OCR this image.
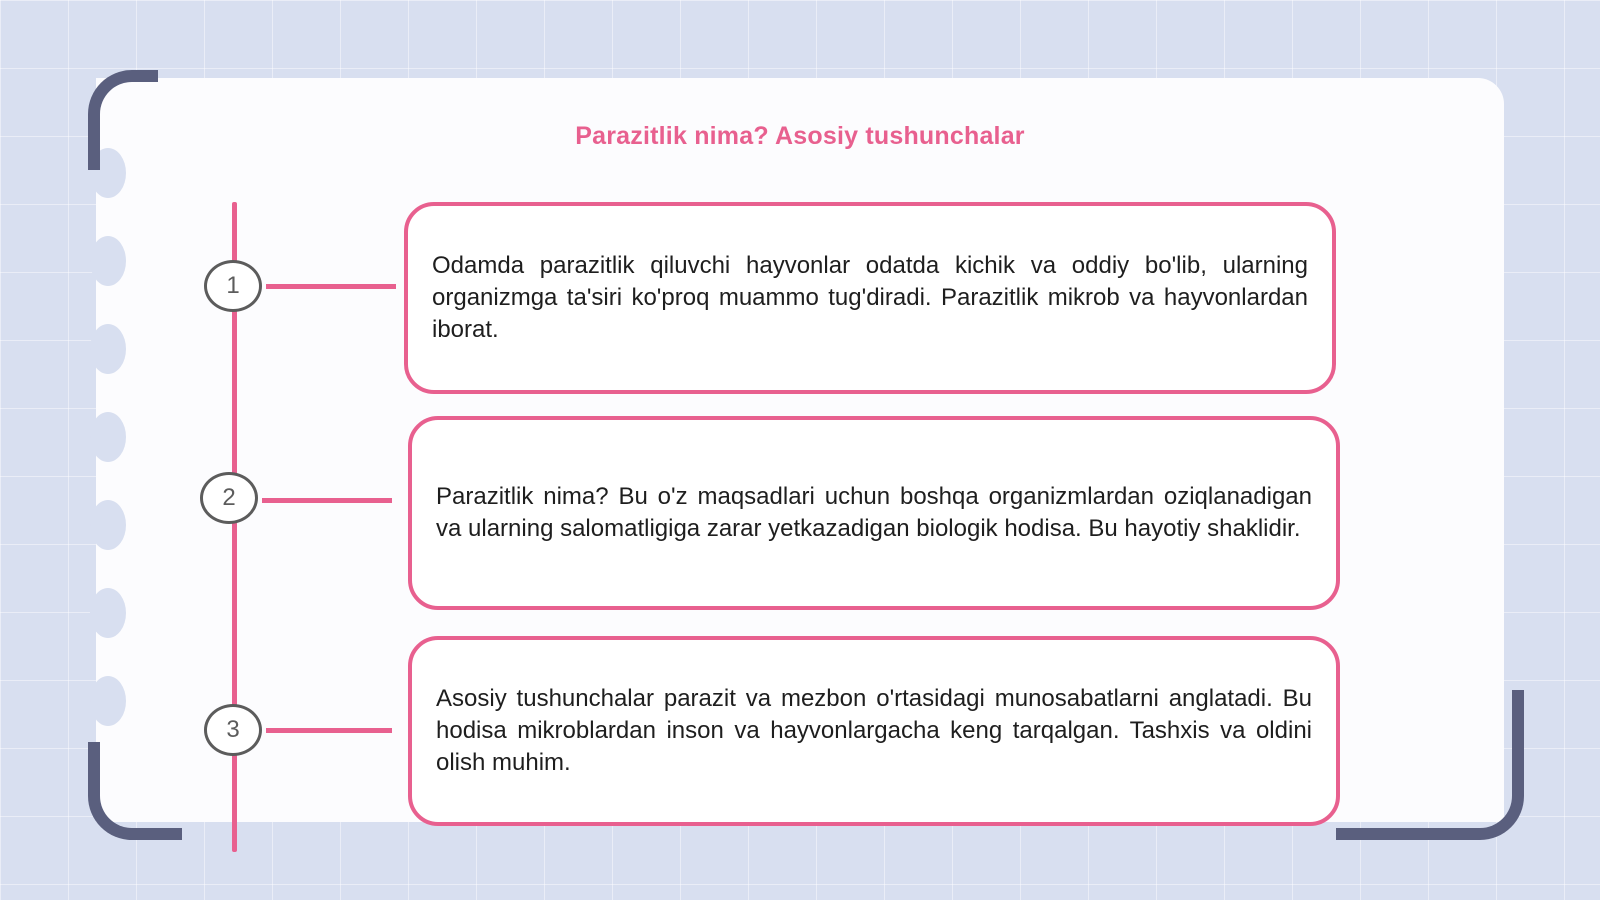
Parazitlik nima? Asosiy tushunchalar
1
Odamda parazitlik qiluvchi hayvonlar odatda kichik va oddiy bo'lib, ularning organizmga ta'siri ko'proq muammo tug'diradi. Parazitlik mikrob va hayvonlardan iborat.
2	Parazitlik nima? Bu o'z maqsadlari uchun boshqa organizmlardan oziqlanadigan va ularning salomatligiga zarar yetkazadigan biologik hodisa. Bu hayotiy shaklidir.
3
Asosiy tushunchalar parazit va mezbon o'rtasidagi munosabatlarni anglatadi. Bu hodisa mikroblardan inson va hayvonlargacha keng tarqalgan. Tashxis va oldini olish muhim.
